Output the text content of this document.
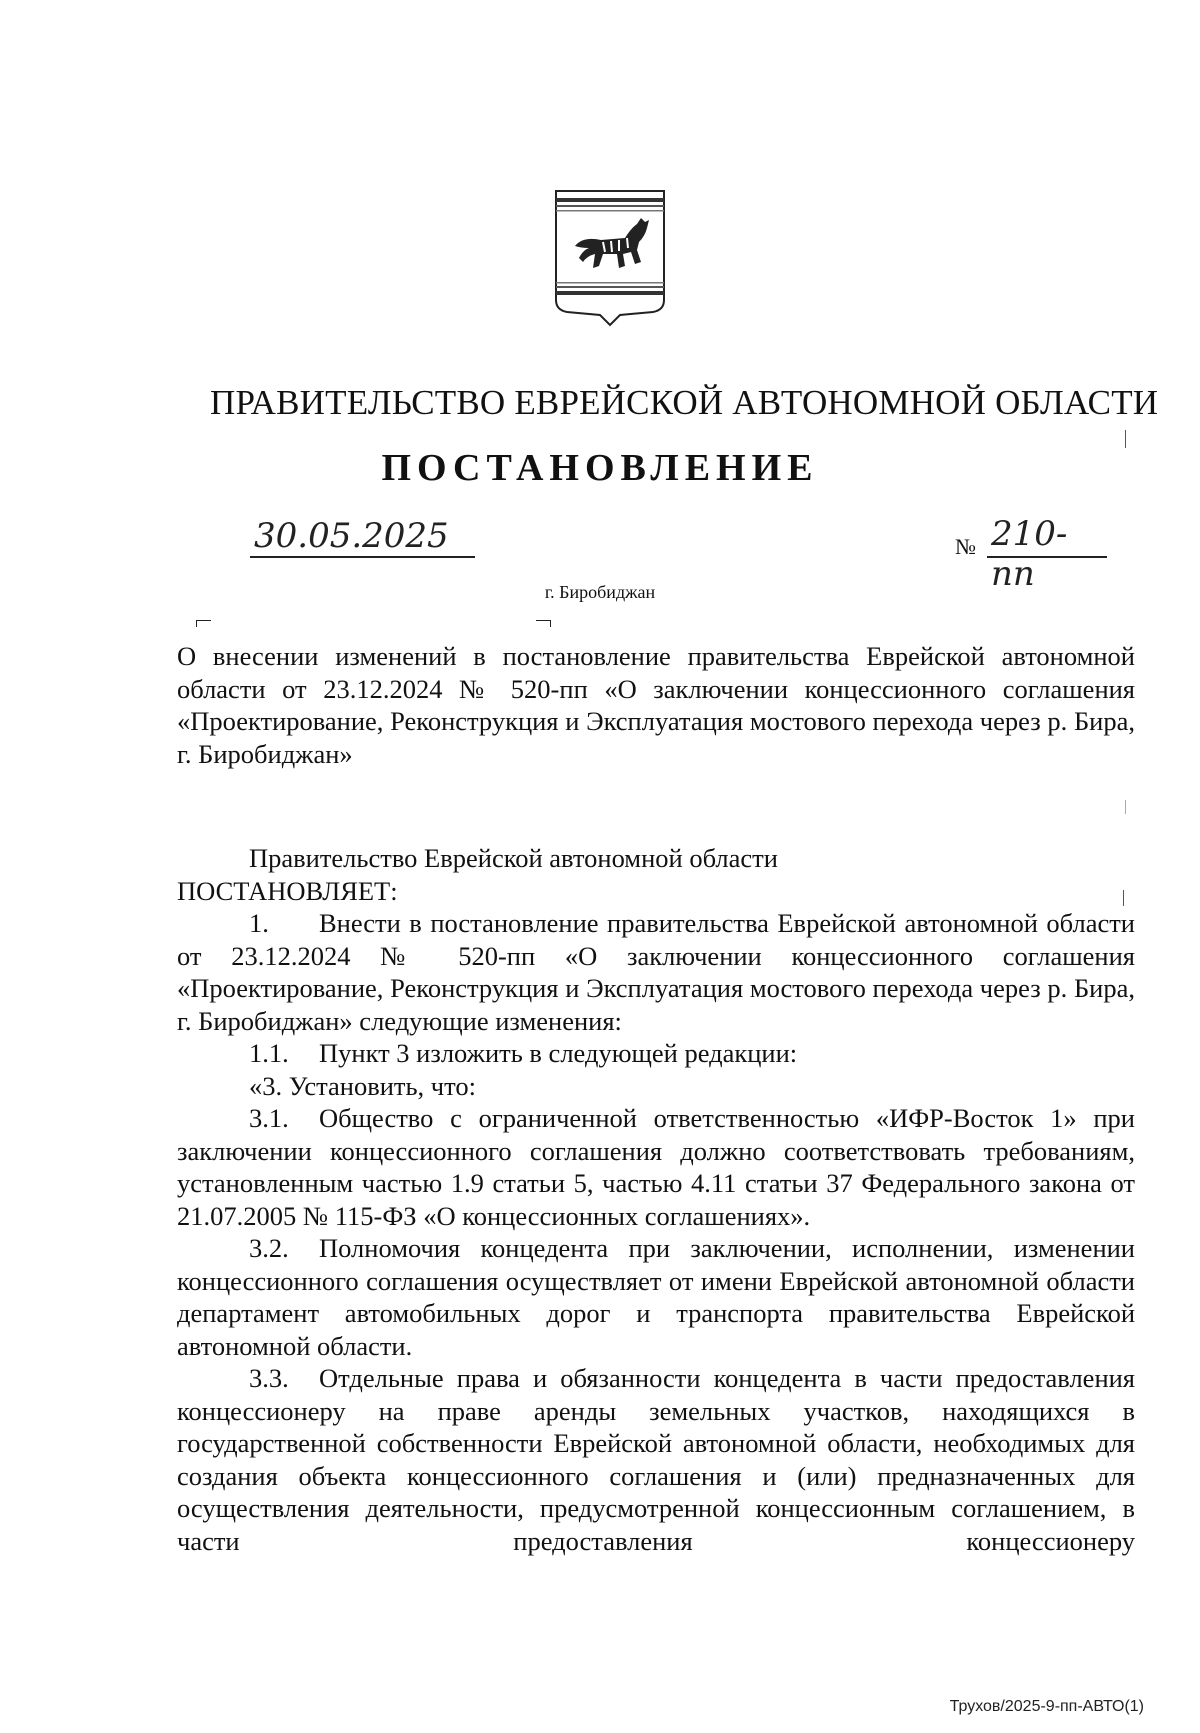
ПРАВИТЕЛЬСТВО ЕВРЕЙСКОЙ АВТОНОМНОЙ ОБЛАСТИ
ПОСТАНОВЛЕНИЕ
30.05.2025	№ 210-пп
г. Биробиджан
О внесении изменений в постановление правительства Еврейской автономной области от 23.12.2024 № 520-пп «О заключении концессионного соглашения «Проектирование, Реконструкция и Эксплуатация мостового перехода через р. Бира, г. Биробиджан»

Правительство Еврейской автономной области

ПОСТАНОВЛЯЕТ:

1. Внести в постановление правительства Еврейской автономной области от 23.12.2024 № 520-пп «О заключении концессионного соглашения «Проектирование, Реконструкция и Эксплуатация мостового перехода через р. Бира, г. Биробиджан» следующие изменения:

1.1. Пункт 3 изложить в следующей редакции:

«3. Установить, что:

3.1. Общество с ограниченной ответственностью «ИФР-Восток 1» при заключении концессионного соглашения должно соответствовать требованиям, установленным частью 1.9 статьи 5, частью 4.11 статьи 37 Федерального закона от 21.07.2005 № 115-ФЗ «О концессионных соглашениях».

3.2. Полномочия концедента при заключении, исполнении, изменении концессионного соглашения осуществляет от имени Еврейской автономной области департамент автомобильных дорог и транспорта правительства Еврейской автономной области.

3.3. Отдельные права и обязанности концедента в части предоставления концессионеру на праве аренды земельных участков, находящихся в государственной собственности Еврейской автономной области, необходимых для создания объекта концессионного соглашения и (или) предназначенных для осуществления деятельности, предусмотренной концессионным соглашением, в части предоставления концессионеру

Трухов/2025-9-пп-АВТО(1)
